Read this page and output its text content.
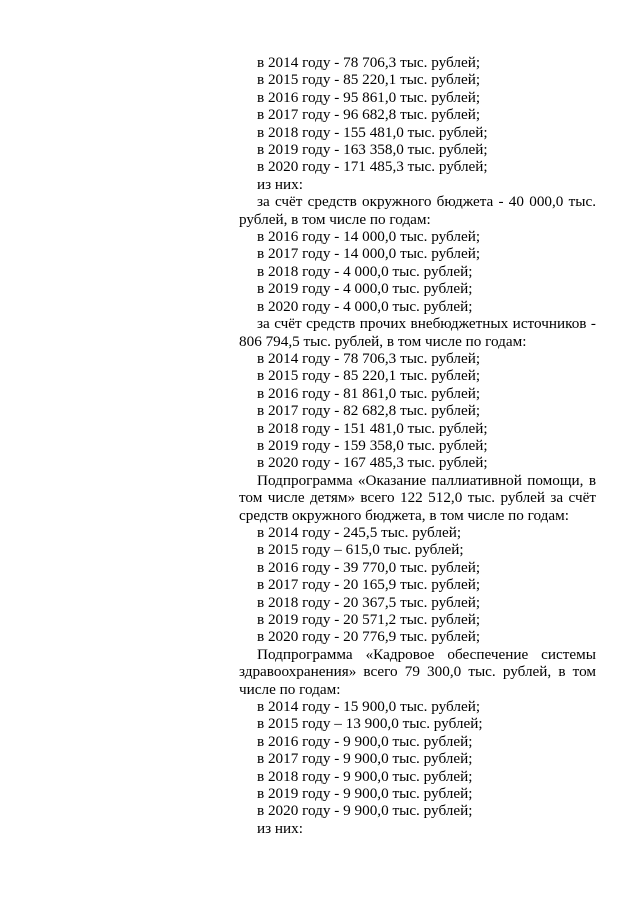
в 2014 году - 78 706,3 тыс. рублей;

в 2015 году - 85 220,1 тыс. рублей;

в 2016 году - 95 861,0 тыс. рублей;

в 2017 году - 96 682,8 тыс. рублей;

в 2018 году - 155 481,0 тыс. рублей;

в 2019 году - 163 358,0 тыс. рублей;

в 2020 году - 171 485,3 тыс. рублей;

из них:

за счёт средств окружного бюджета - 40 000,0 тыс. рублей, в том числе по годам:

в 2016 году - 14 000,0 тыс. рублей;

в 2017 году - 14 000,0 тыс. рублей;

в 2018 году - 4 000,0 тыс. рублей;

в 2019 году - 4 000,0 тыс. рублей;

в 2020 году - 4 000,0 тыс. рублей;

за счёт средств прочих внебюджетных источников - 806 794,5 тыс. рублей, в том числе по годам:

в 2014 году - 78 706,3 тыс. рублей;

в 2015 году - 85 220,1 тыс. рублей;

в 2016 году - 81 861,0 тыс. рублей;

в 2017 году - 82 682,8 тыс. рублей;

в 2018 году - 151 481,0 тыс. рублей;

в 2019 году - 159 358,0 тыс. рублей;

в 2020 году - 167 485,3 тыс. рублей;

Подпрограмма «Оказание паллиативной помощи, в том числе детям» всего 122 512,0 тыс. рублей за счёт средств окружного бюджета, в том числе по годам:

в 2014 году - 245,5 тыс. рублей;

в 2015 году – 615,0 тыс. рублей;

в 2016 году - 39 770,0 тыс. рублей;

в 2017 году - 20 165,9 тыс. рублей;

в 2018 году - 20 367,5 тыс. рублей;

в 2019 году - 20 571,2 тыс. рублей;

в 2020 году - 20 776,9 тыс. рублей;

Подпрограмма «Кадровое обеспечение системы здравоохранения» всего 79 300,0 тыс. рублей, в том числе по годам:

в 2014 году - 15 900,0 тыс. рублей;

в 2015 году – 13 900,0 тыс. рублей;

в 2016 году - 9 900,0 тыс. рублей;

в 2017 году - 9 900,0 тыс. рублей;

в 2018 году - 9 900,0 тыс. рублей;

в 2019 году - 9 900,0 тыс. рублей;

в 2020 году - 9 900,0 тыс. рублей;

из них:
